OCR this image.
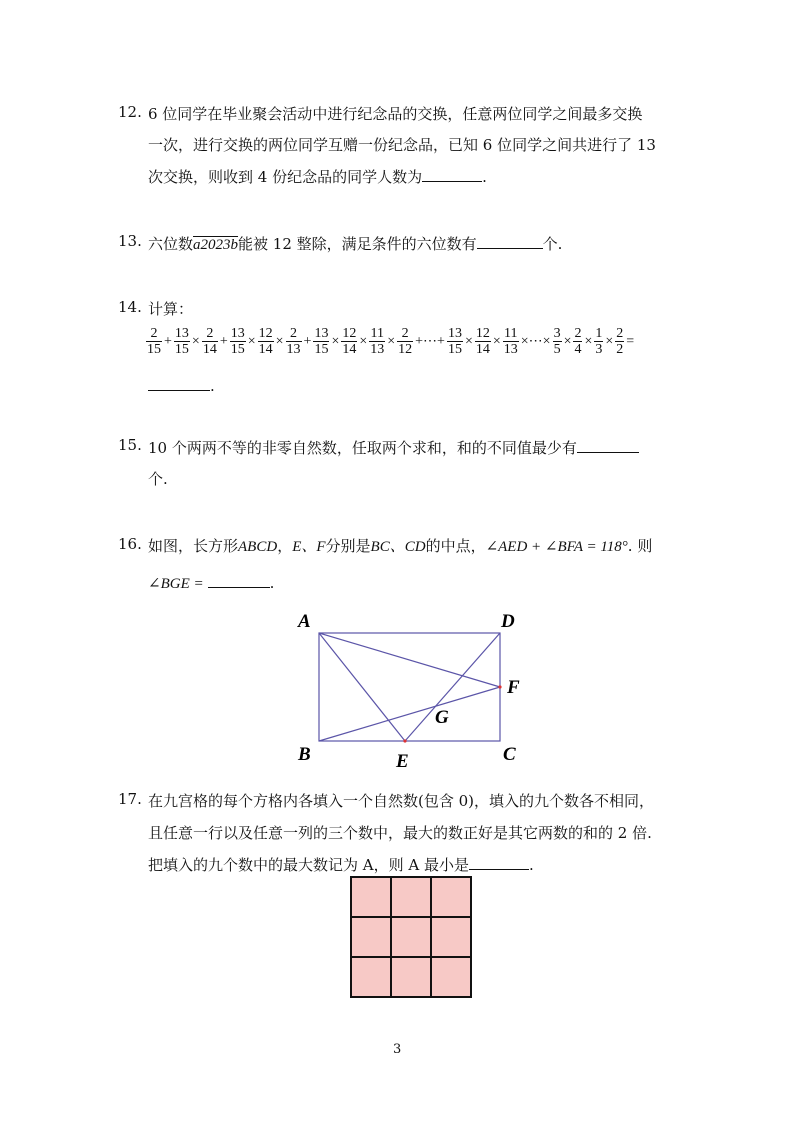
12. 6 位同学在毕业聚会活动中进行纪念品的交换，任意两位同学之间最多交换
一次，进行交换的两位同学互赠一份纪念品，已知 6 位同学之间共进行了 13
次交换，则收到 4 份纪念品的同学人数为	.
13. 六位数a2023b能被 12 整除，满足条件的六位数有	个.
14. 计算：
$\frac{2}{15} + \frac{13}{15} \times \frac{2}{14} + \frac{13}{15} \times \frac{12}{14} \times \frac{2}{13} + \frac{13}{15} \times \frac{12}{14} \times \frac{11}{13} \times \frac{2}{12}$ +⋯+ $\frac{13}{15} \times \frac{12}{14} \times \frac{11}{13}$ ×⋯× $\frac{3}{5} \times \frac{2}{4} \times \frac{1}{3} \times \frac{2}{2}$ =
.
15. 10 个两两不等的非零自然数，任取两个求和，和的不同值最少有
个.
16. 如图，长方形ABCD，E、F分别是BC、CD的中点，∠AED + ∠BFA = 118°. 则
∠BGE =	.
A	D
F
G
B	E	C
17. 在九宫格的每个方格内各填入一个自然数(包含 0)，填入的九个数各不相同，
且任意一行以及任意一列的三个数中，最大的数正好是其它两数的和的 2 倍.
把填入的九个数中的最大数记为 A，则 A 最小是	.
3
